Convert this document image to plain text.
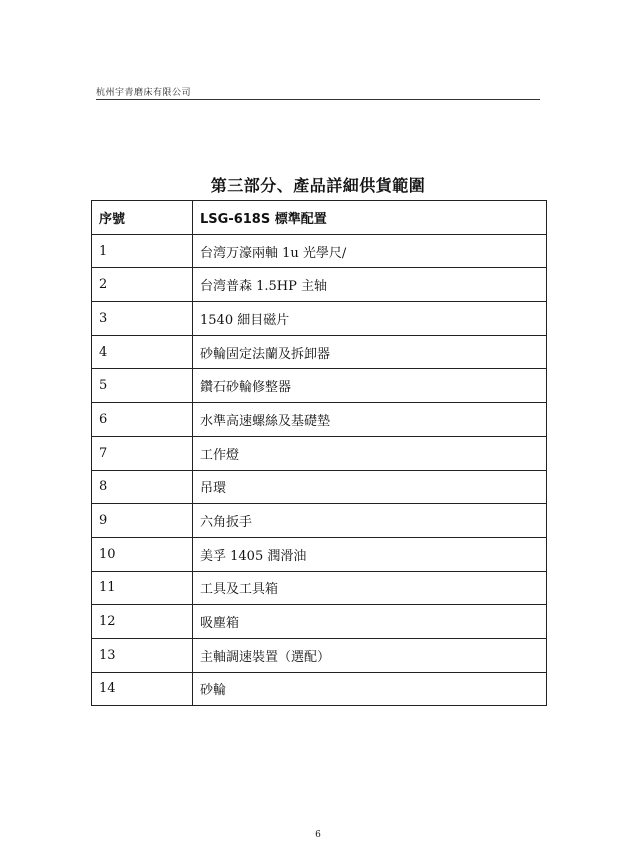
杭州宇青磨床有限公司
第三部分、產品詳細供貨範圍
序號	LSG-618S 標準配置
1	台湾万濠兩軸 1u 光學尺/
2	台湾普森 1.5HP 主轴
3	1540 細目磁片
4	砂輪固定法蘭及拆卸器
5	鑽石砂輪修整器
6	水準高速螺絲及基礎墊
7	工作燈
8	吊環
9	六角扳手
10	美孚 1405 潤滑油
11	工具及工具箱
12	吸塵箱
13	主軸調速裝置（選配）
14	砂輪
6
